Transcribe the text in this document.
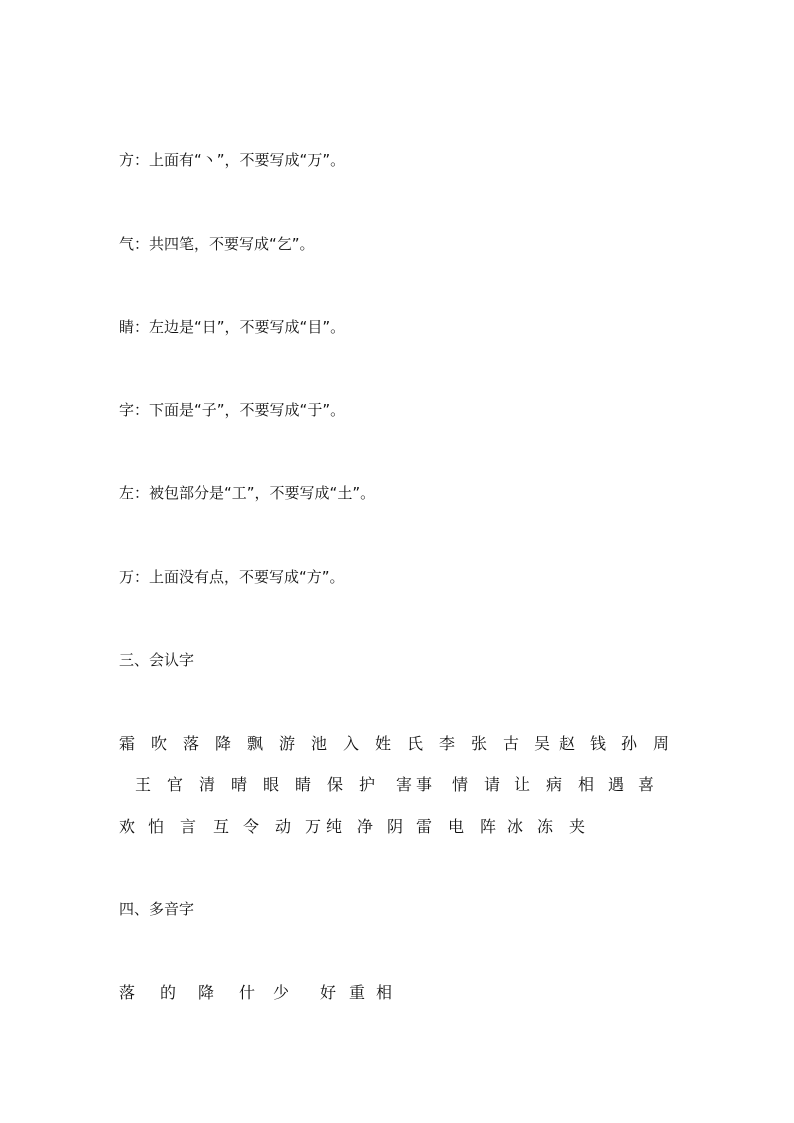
方：上面有“丶”，不要写成“万”。

气：共四笔，不要写成“乞”。

睛：左边是“日”，不要写成“目”。

字：下面是“子”，不要写成“于”。

左：被包部分是“工”，不要写成“土”。

万：上面没有点，不要写成“方”。

三、会认字

霜 吹 落 降 飘 游 池 入 姓 氏 李 张 古 吴 赵 钱 孙 周
王 官 清 晴 眼 睛 保 护	害 事	情 请 让 病 相 遇 喜
欢 怕 言	互 令 动 万 纯 净 阴 雷 电 阵 冰 冻 夹

四、多音字

落	的	降	什	少	好 重 相
